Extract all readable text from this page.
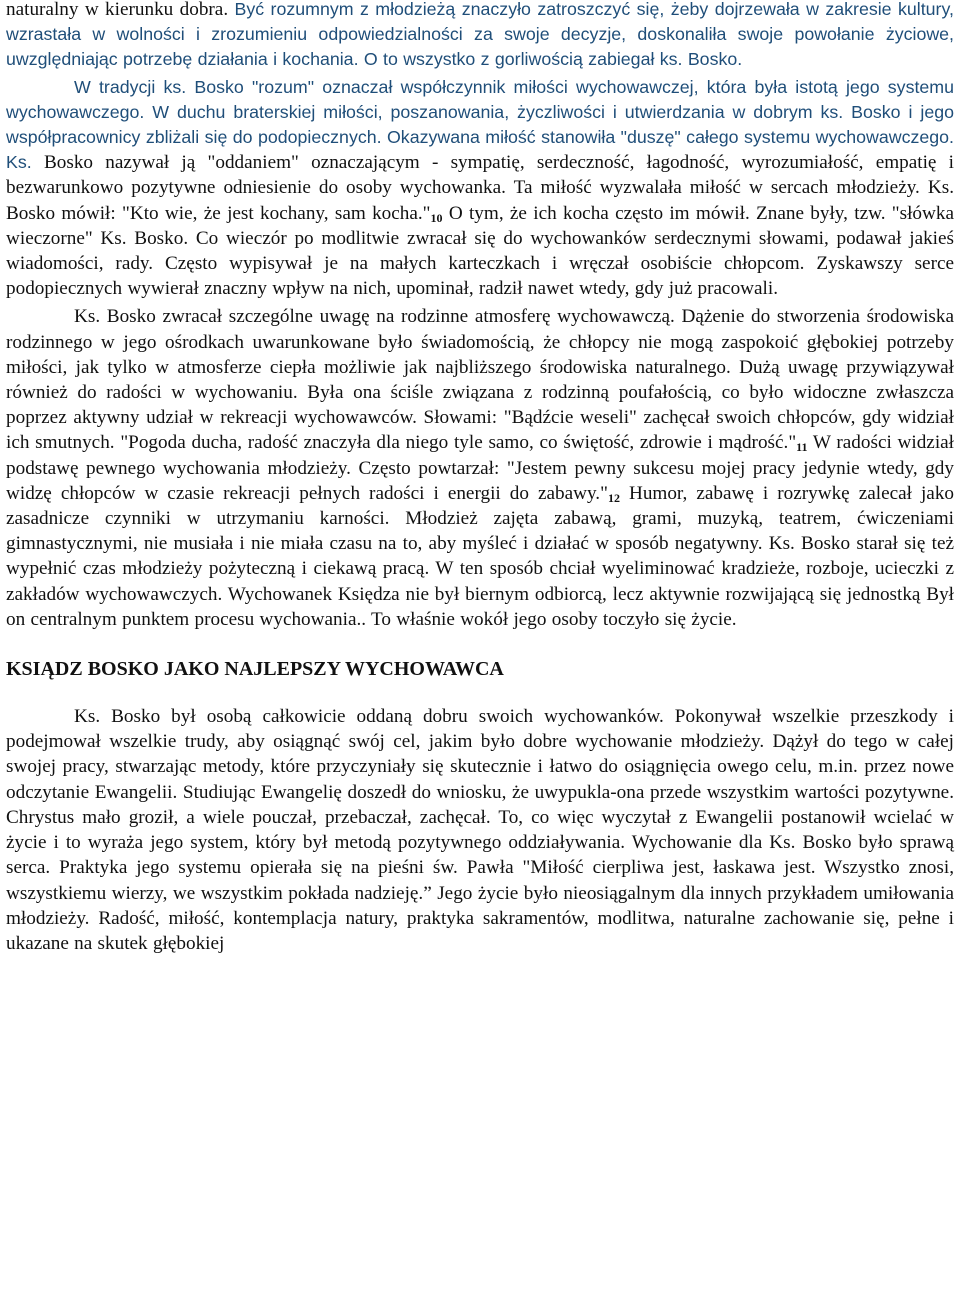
naturalny w kierunku dobra. Być rozumnym z młodzieżą znaczyło zatroszczyć się, żeby dojrzewała w zakresie kultury, wzrastała w wolności i zrozumieniu odpowiedzialności za swoje decyzje, doskonaliła swoje powołanie życiowe, uwzględniając potrzebę działania i kochania. O to wszystko z gorliwością zabiegał ks. Bosko.

W tradycji ks. Bosko "rozum" oznaczał współczynnik miłości wychowawczej, która była istotą jego systemu wychowawczego. W duchu braterskiej miłości, poszanowania, życzliwości i utwierdzania w dobrym ks. Bosko i jego współpracownicy zbliżali się do podopiecznych. Okazywana miłość stanowiła "duszę" całego systemu wychowawczego. Ks. Bosko nazywał ją "oddaniem" oznaczającym - sympatię, serdeczność, łagodność, wyrozumiałość, empatię i bezwarunkowo pozytywne odniesienie do osoby wychowanka. Ta miłość wyzwalała miłość w sercach młodzieży. Ks. Bosko mówił: "Kto wie, że jest kochany, sam $kocha."_{10}$ O tym, że ich kocha często im mówił. Znane były, tzw. "słówka wieczorne" Ks. Bosko. Co wieczór po modlitwie zwracał się do wychowanków serdecznymi słowami, podawał jakieś wiadomości, rady. Często wypisywał je na małych karteczkach i wręczał osobiście chłopcom. Zyskawszy serce podopiecznych wywierał znaczny wpływ na nich, upominał, radził nawet wtedy, gdy już pracowali.

Ks. Bosko zwracał szczególne uwagę na rodzinne atmosferę wychowawczą. Dążenie do stworzenia środowiska rodzinnego w jego ośrodkach uwarunkowane było świadomością, że chłopcy nie mogą zaspokoić głębokiej potrzeby miłości, jak tylko w atmosferze ciepła możliwie jak najbliższego środowiska naturalnego. Dużą uwagę przywiązywał również do radości w wychowaniu. Była ona ściśle związana z rodzinną poufałością, co było widoczne zwłaszcza poprzez aktywny udział w rekreacji wychowawców. Słowami: "Bądźcie weseli" zachęcał swoich chłopców, gdy widział ich smutnych. "Pogoda ducha, radość znaczyła dla niego tyle samo, co świętość, zdrowie i $mądrość."_{11}$ W radości widział podstawę pewnego wychowania młodzieży. Często powtarzał: "Jestem pewny sukcesu mojej pracy jedynie wtedy, gdy widzę chłopców w czasie rekreacji pełnych radości i energii do $zabawy."_{12}$ Humor, zabawę i rozrywkę zalecał jako zasadnicze czynniki w utrzymaniu karności. Młodzież zajęta zabawą, grami, muzyką, teatrem, ćwiczeniami gimnastycznymi, nie musiała i nie miała czasu na to, aby myśleć i działać w sposób negatywny. Ks. Bosko starał się też wypełnić czas młodzieży pożyteczną i ciekawą pracą. W ten sposób chciał wyeliminować kradzieże, rozboje, ucieczki z zakładów wychowawczych. Wychowanek Księdza nie był biernym odbiorcą, lecz aktywnie rozwijającą się jednostką Był on centralnym punktem procesu wychowania.. To właśnie wokół jego osoby toczyło się życie.

KSIĄDZ BOSKO JAKO NAJLEPSZY WYCHOWAWCA

Ks. Bosko był osobą całkowicie oddaną dobru swoich wychowanków. Pokonywał wszelkie przeszkody i podejmował wszelkie trudy, aby osiągnąć swój cel, jakim było dobre wychowanie młodzieży. Dążył do tego w całej swojej pracy, stwarzając metody, które przyczyniały się skutecznie i łatwo do osiągnięcia owego celu, m.in. przez nowe odczytanie Ewangelii. Studiując Ewangelię doszedł do wniosku, że uwypukla-ona przede wszystkim wartości pozytywne. Chrystus mało groził, a wiele pouczał, przebaczał, zachęcał. To, co więc wyczytał z Ewangelii postanowił wcielać w życie i to wyraża jego system, który był metodą pozytywnego oddziaływania. Wychowanie dla Ks. Bosko było sprawą serca. Praktyka jego systemu opierała się na pieśni św. Pawła "Miłość cierpliwa jest, łaskawa jest. Wszystko znosi, wszystkiemu wierzy, we wszystkim pokłada nadzieję.” Jego życie było nieosiągalnym dla innych przykładem umiłowania młodzieży. Radość, miłość, kontemplacja natury, praktyka sakramentów, modlitwa, naturalne zachowanie się, pełne i ukazane na skutek głębokiej
